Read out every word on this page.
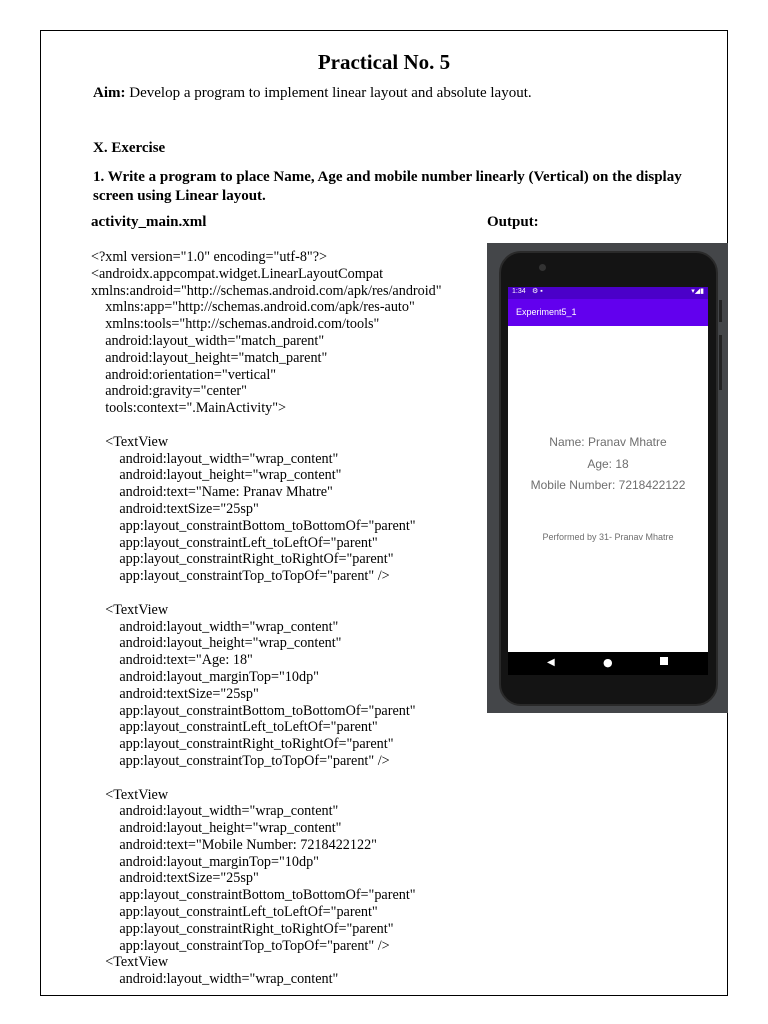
Practical No. 5
Aim: Develop a program to implement linear layout and absolute layout.
X. Exercise
1. Write a program to place Name, Age and mobile number linearly (Vertical) on the display screen using Linear layout.
activity_main.xml	Output:
<?xml version="1.0" encoding="utf-8"?>
<androidx.appcompat.widget.LinearLayoutCompat
xmlns:android="http://schemas.android.com/apk/res/android"
xmlns:app="http://schemas.android.com/apk/res-auto"
xmlns:tools="http://schemas.android.com/tools"
android:layout_width="match_parent"
android:layout_height="match_parent"
android:orientation="vertical"
android:gravity="center"
tools:context=".MainActivity">
<TextView
android:layout_width="wrap_content"
android:layout_height="wrap_content"
android:text="Name: Pranav Mhatre"
android:textSize="25sp"
app:layout_constraintBottom_toBottomOf="parent"
app:layout_constraintLeft_toLeftOf="parent"
app:layout_constraintRight_toRightOf="parent"
app:layout_constraintTop_toTopOf="parent" />
<TextView
android:layout_width="wrap_content"
android:layout_height="wrap_content"
android:text="Age: 18"
android:layout_marginTop="10dp"
android:textSize="25sp"
app:layout_constraintBottom_toBottomOf="parent"
app:layout_constraintLeft_toLeftOf="parent"
app:layout_constraintRight_toRightOf="parent"
app:layout_constraintTop_toTopOf="parent" />
<TextView
android:layout_width="wrap_content"
android:layout_height="wrap_content"
android:text="Mobile Number: 7218422122"
android:layout_marginTop="10dp"
android:textSize="25sp"
app:layout_constraintBottom_toBottomOf="parent"
app:layout_constraintLeft_toLeftOf="parent"
app:layout_constraintRight_toRightOf="parent"
app:layout_constraintTop_toTopOf="parent" />
<TextView
android:layout_width="wrap_content"
1:34 ⚙ ▪	▾◢▮
Experiment5_1
Name: Pranav Mhatre
Age: 18
Mobile Number: 7218422122
Performed by 31- Pranav Mhatre
◀	●
